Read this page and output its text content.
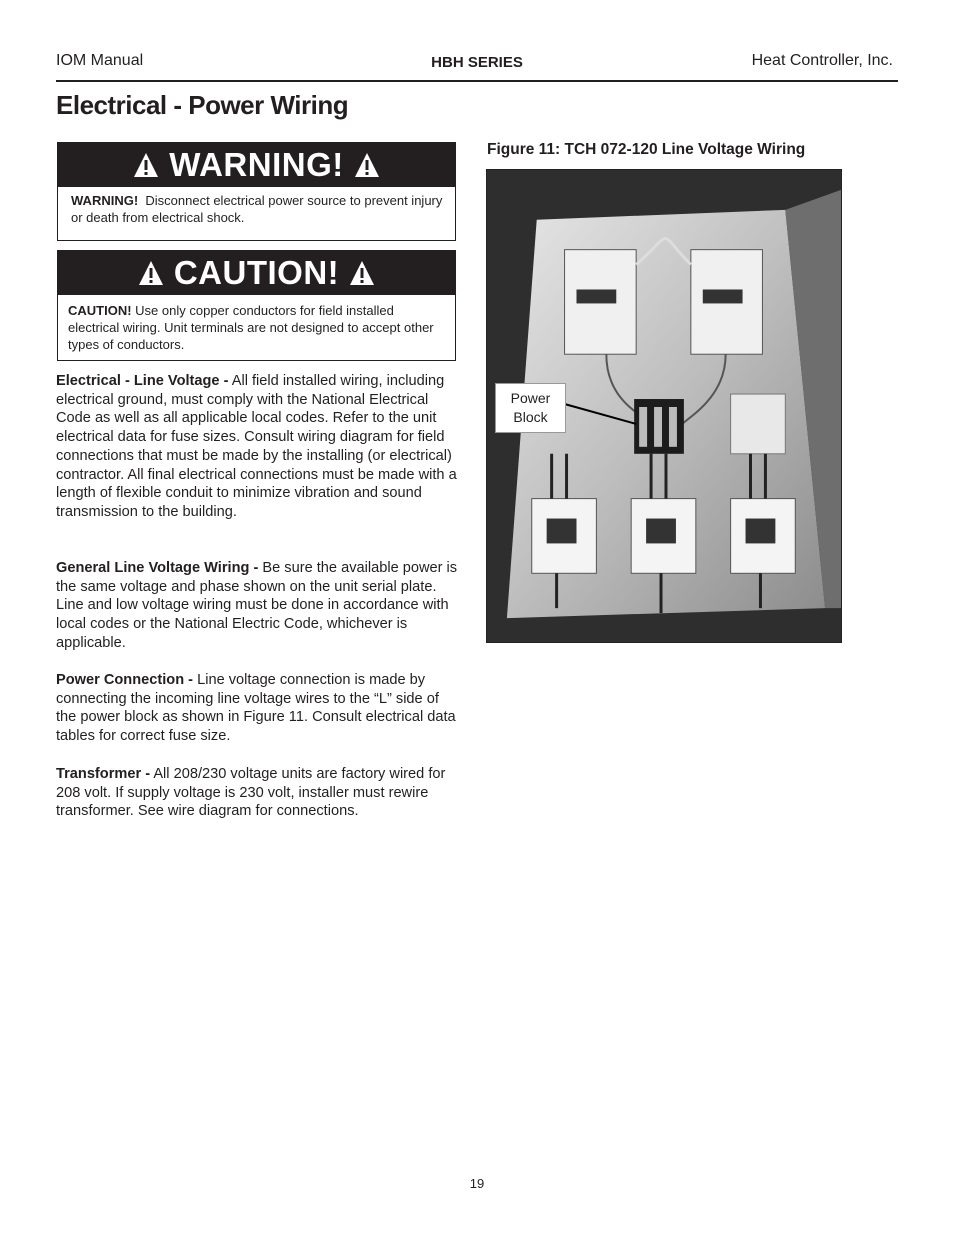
IOM Manual	HBH SERIES	Heat Controller, Inc.
Electrical - Power Wiring
WARNING!
WARNING! Disconnect electrical power source to prevent injury or death from electrical shock.
CAUTION!
CAUTION! Use only copper conductors for field installed electrical wiring. Unit terminals are not designed to accept other types of conductors.

Electrical - Line Voltage - All field installed wiring, including electrical ground, must comply with the National Electrical Code as well as all applicable local codes. Refer to the unit electrical data for fuse sizes. Consult wiring diagram for field connections that must be made by the installing (or electrical) contractor. All final electrical connections must be made with a length of flexible conduit to minimize vibration and sound transmission to the building.

General Line Voltage Wiring - Be sure the available power is the same voltage and phase shown on the unit serial plate. Line and low voltage wiring must be done in accordance with local codes or the National Electric Code, whichever is applicable.

Power Connection - Line voltage connection is made by connecting the incoming line voltage wires to the “L” side of the power block as shown in Figure 11. Consult electrical data tables for correct fuse size.

Transformer - All 208/230 voltage units are factory wired for 208 volt. If supply voltage is 230 volt, installer must rewire transformer. See wire diagram for connections.

Figure 11: TCH 072-120 Line Voltage Wiring
Power
Block
19
